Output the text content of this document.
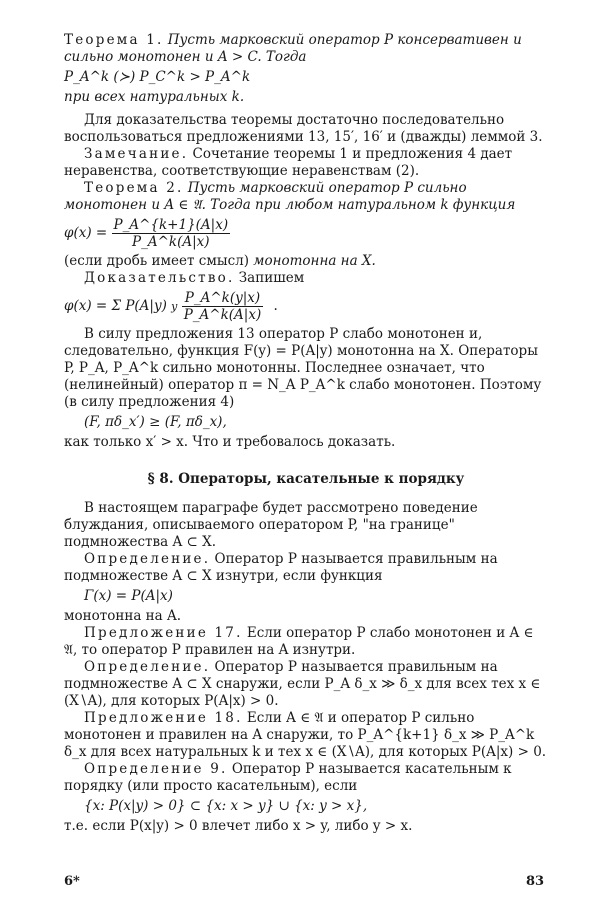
Теорема 1. Пусть марковский оператор P консервативен и сильно монотонен и A > C. Тогда

P_A^k (≻) P_C^k > P_A^k

при всех натуральных k.

Для доказательства теоремы достаточно последовательно воспользоваться предложениями 13, 15′, 16′ и (дважды) леммой 3.

Замечание. Сочетание теоремы 1 и предложения 4 дает неравенства, соответствующие неравенствам (2).

Теорема 2. Пусть марковский оператор P сильно монотонен и A ∈ 𝔄. Тогда при любом натуральном k функция

$\varphi(x) = \frac{P\_A\^{}\{k+1\}(A|x)}{P\_A\^{}k(A|x)}$

(если дробь имеет смысл) монотонна на X.

Доказательство. Запишем

φ(x) = Σ P(A|y) y
$\frac{P\_A\^{}k(y|x)}{P\_A\^{}k(A|x)}$ .

В силу предложения 13 оператор P слабо монотонен и, следовательно, функция F(y) = P(A|y) монотонна на X. Операторы P, P_A, P_A^k сильно монотонны. Последнее означает, что (нелинейный) оператор π = N_A P_A^k слабо монотонен. Поэтому (в силу предложения 4)

(F, πδ_x′) ≥ (F, πδ_x),

как только x′ > x. Что и требовалось доказать.

§ 8. Операторы, касательные к порядку

В настоящем параграфе будет рассмотрено поведение блуждания, описываемого оператором P, "на границе" подмножества A ⊂ X.

Определение. Оператор P называется правильным на подмножестве A ⊂ X изнутри, если функция

Γ(x) = P(A|x)

монотонна на A.

Предложение 17. Если оператор P слабо монотонен и A ∈ 𝔄, то оператор P правилен на A изнутри.

Определение. Оператор P называется правильным на подмножестве A ⊂ X снаружи, если P_A δ_x ≫ δ_x для всех тех x ∈ (X∖A), для которых P(A|x) > 0.

Предложение 18. Если A ∈ 𝔄 и оператор P сильно монотонен и правилен на A снаружи, то P_A^{k+1} δ_x ≫ P_A^k δ_x для всех натуральных k и тех x ∈ (X∖A), для которых P(A|x) > 0.

Определение 9. Оператор P называется касательным к порядку (или просто касательным), если

{x: P(x|y) > 0} ⊂ {x: x > y} ∪ {x: y > x},

т.е. если P(x|y) > 0 влечет либо x > y, либо y > x.

6*	83
